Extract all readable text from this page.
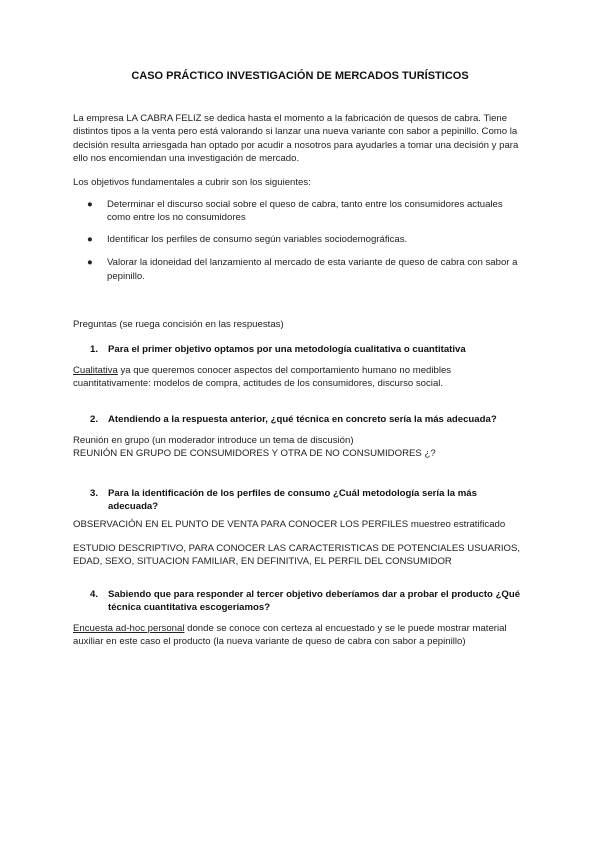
CASO PRÁCTICO INVESTIGACIÓN DE MERCADOS TURÍSTICOS

La empresa LA CABRA FELIZ se dedica hasta el momento a la fabricación de quesos de cabra. Tiene distintos tipos a la venta pero está valorando si lanzar una nueva variante con sabor a pepinillo. Como la decisión resulta arriesgada han optado por acudir a nosotros para ayudarles a tomar una decisión y para ello nos encomiendan una investigación de mercado.

Los objetivos fundamentales a cubrir son los siguientes:

● Determinar el discurso social sobre el queso de cabra, tanto entre los consumidores actuales como entre los no consumidores
● Identificar los perfiles de consumo según variables sociodemográficas.
● Valorar la idoneidad del lanzamiento al mercado de esta variante de queso de cabra con sabor a pepinillo.

Preguntas (se ruega concisión en las respuestas)

1.	Para el primer objetivo optamos por una metodología cualitativa o cuantitativa

Cualitativa ya que queremos conocer aspectos del comportamiento humano no medibles cuantitativamente: modelos de compra, actitudes de los consumidores, discurso social.

2.	Atendiendo a la respuesta anterior, ¿qué técnica en concreto sería la más adecuada?

Reunión en grupo (un moderador introduce un tema de discusión)

REUNIÓN EN GRUPO DE CONSUMIDORES Y OTRA DE NO CONSUMIDORES ¿?

3.	Para la identificación de los perfiles de consumo ¿Cuál metodología sería la más adecuada?

OBSERVACIÓN EN EL PUNTO DE VENTA PARA CONOCER LOS PERFILES muestreo estratificado

ESTUDIO DESCRIPTIVO, PARA CONOCER LAS CARACTERISTICAS DE POTENCIALES USUARIOS, EDAD, SEXO, SITUACION FAMILIAR, EN DEFINITIVA, EL PERFIL DEL CONSUMIDOR

4.	Sabiendo que para responder al tercer objetivo deberíamos dar a probar el producto ¿Qué técnica cuantitativa escogeríamos?

Encuesta ad-hoc personal donde se conoce con certeza al encuestado y se le puede mostrar material auxiliar en este caso el producto (la nueva variante de queso de cabra con sabor a pepinillo)
